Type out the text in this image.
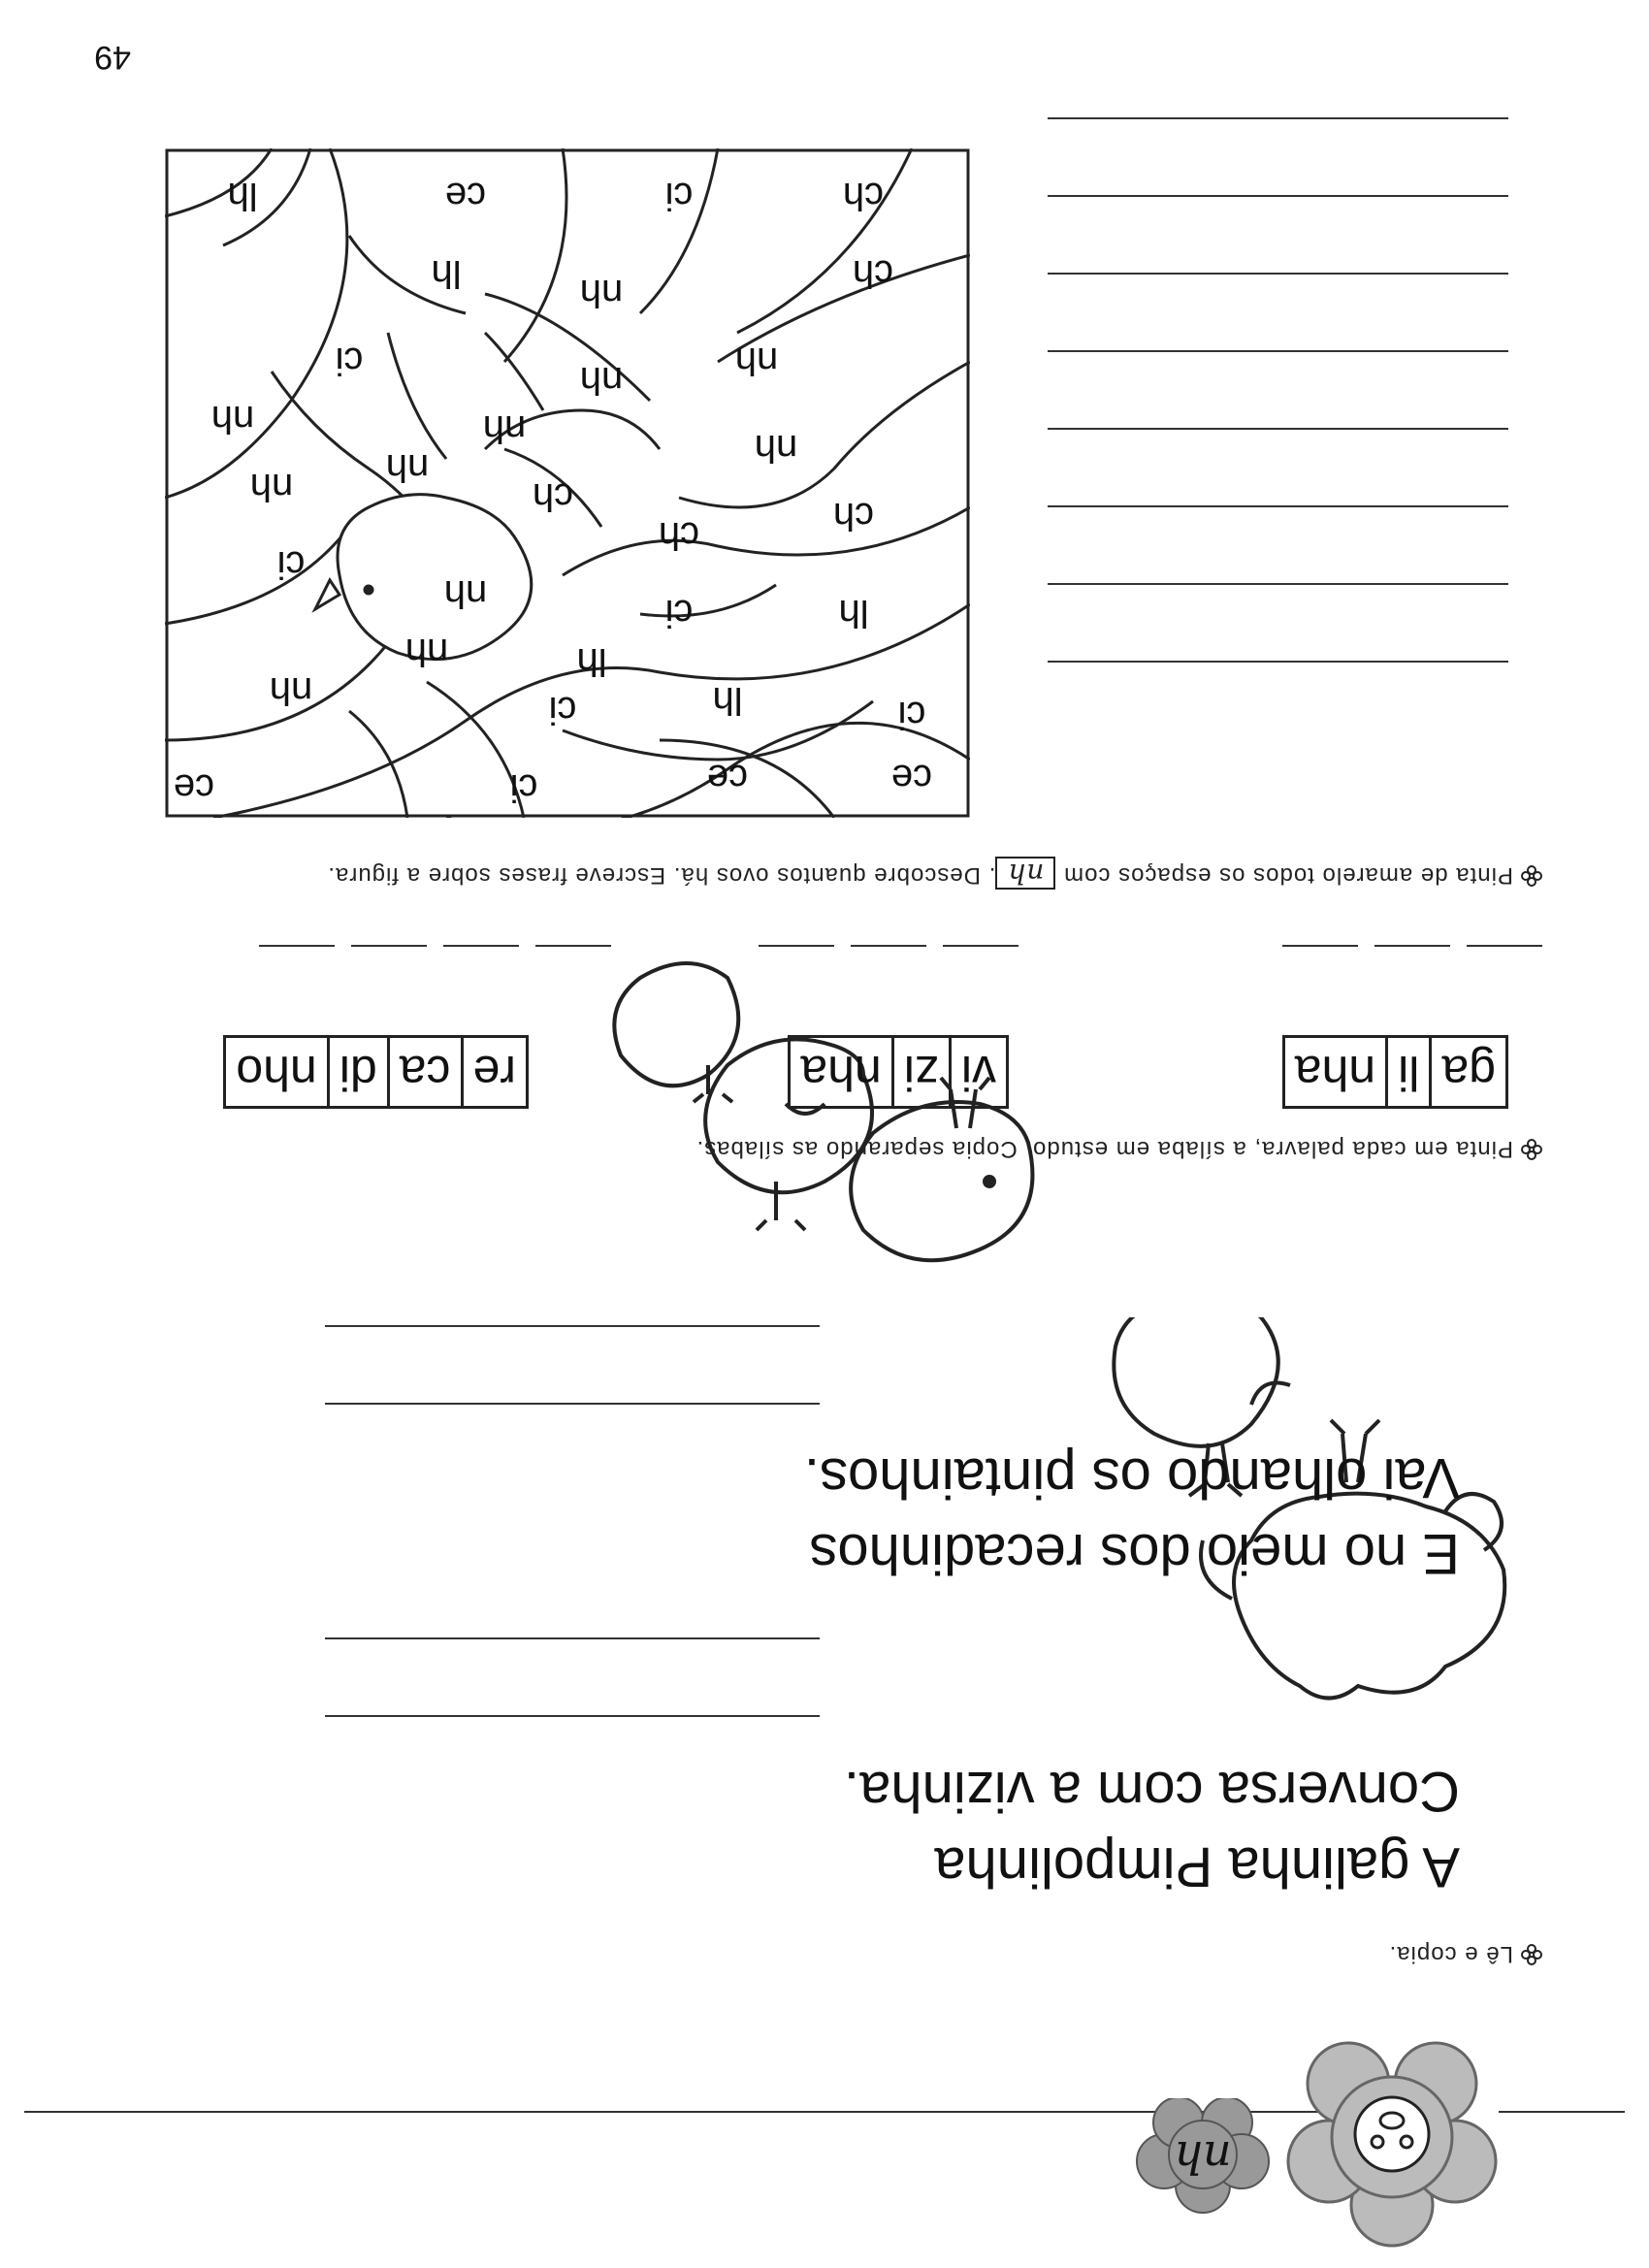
nh
Lê e copia.
A galinha Pimpolinha
Conversa com a vizinha.
E no meio dos recadinhos
Vai olhando os pintainhos.
Pinta em cada palavra, a sílaba em estudo. Copia separando as sílabas.
ga
li
nha
vi
zi
nha
re
ca
di
nho
Pinta de amarelo todos os espaços com nh. Descobre quantos ovos há. Escreve frases sobre a figura.
ce
ce
ci
ce
ci
lh
ci
nh
lh
ci
lh
nh
ch
ch
nh
ci
nh nh
nh
nh
nh
nh
nh
ch
nh
lh
ch
ci
ce
lh
ch
ci
49
